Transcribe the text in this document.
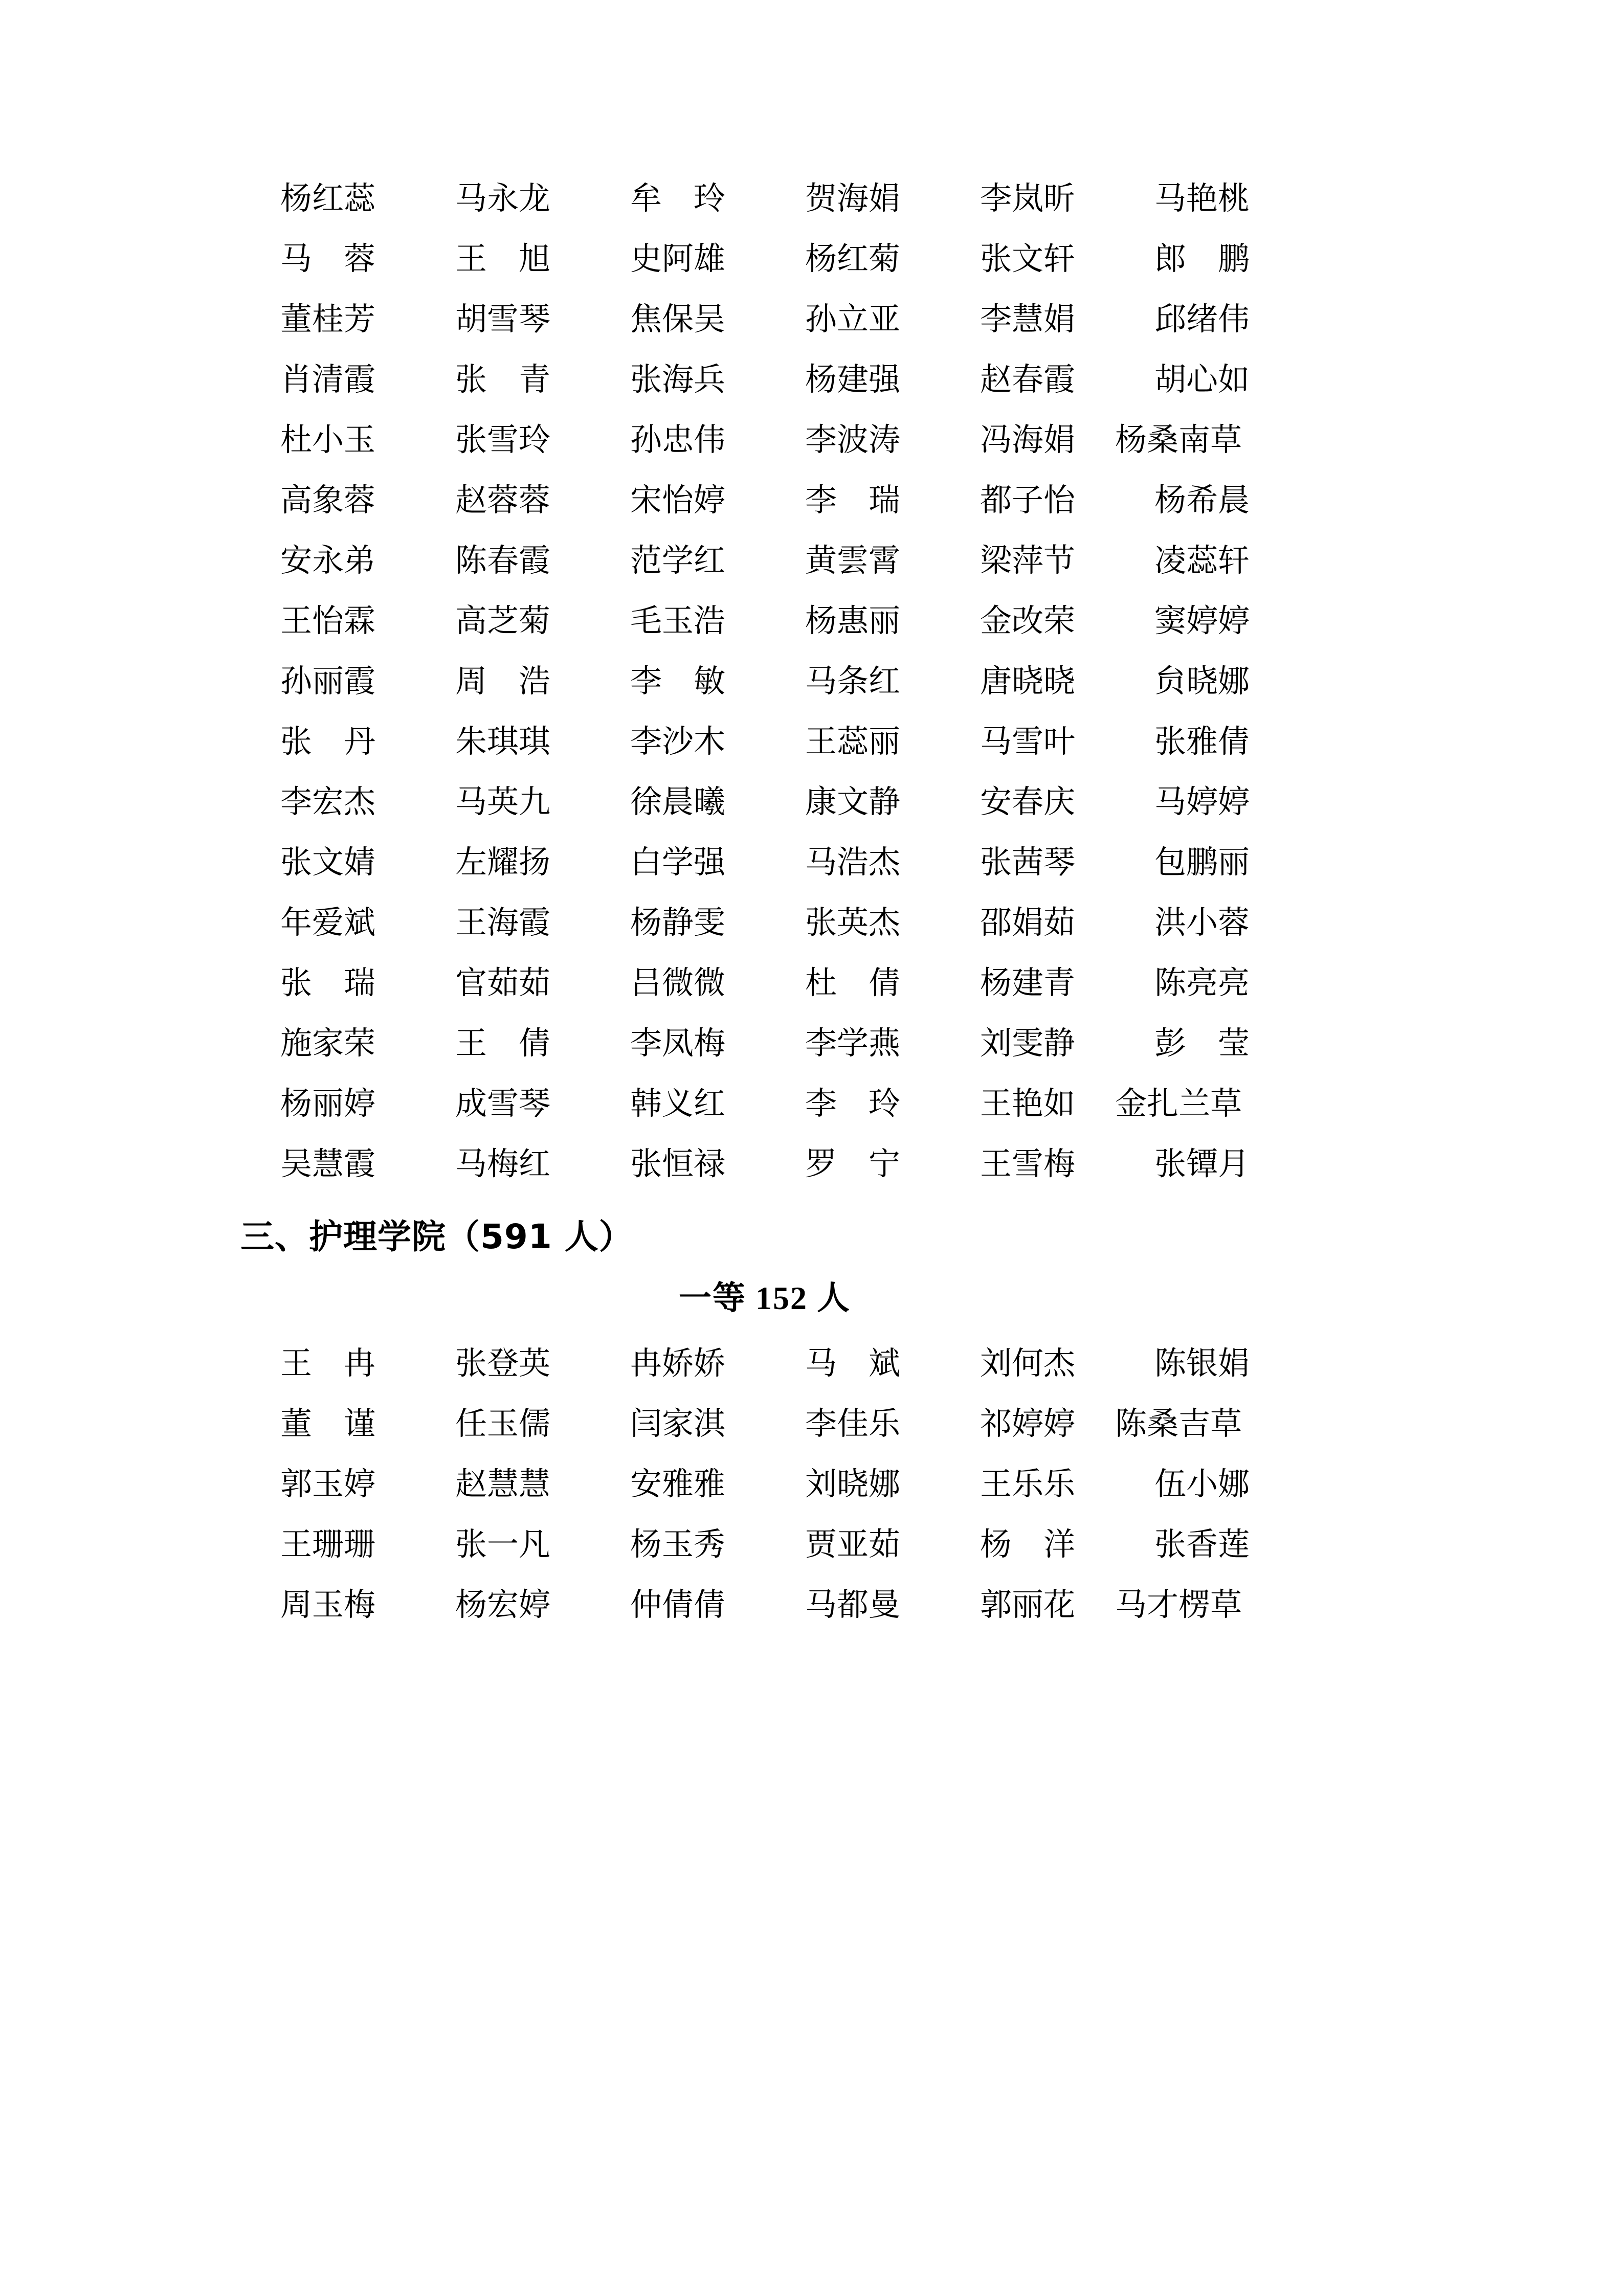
杨红蕊	马永龙	牟　玲	贺海娟	李岚昕	马艳桃
马　蓉	王　旭	史阿雄	杨红菊	张文轩	郎　鹏
董桂芳	胡雪琴	焦保吴	孙立亚	李慧娟	邱绪伟
肖清霞	张　青	张海兵	杨建强	赵春霞	胡心如
杜小玉	张雪玲	孙忠伟	李波涛	冯海娟	杨桑南草
高象蓉	赵蓉蓉	宋怡婷	李　瑞	都子怡	杨希晨
安永弟	陈春霞	范学红	黄雲霄	梁萍节	凌蕊轩
王怡霖	高芝菊	毛玉浩	杨惠丽	金改荣	窦婷婷
孙丽霞	周　浩	李　敏	马条红	唐晓晓	贠晓娜
张　丹	朱琪琪	李沙木	王蕊丽	马雪叶	张雅倩
李宏杰	马英九	徐晨曦	康文静	安春庆	马婷婷
张文婧	左耀扬	白学强	马浩杰	张茜琴	包鹏丽
年爱斌	王海霞	杨静雯	张英杰	邵娟茹	洪小蓉
张　瑞	官茹茹	吕微微	杜　倩	杨建青	陈亮亮
施家荣	王　倩	李凤梅	李学燕	刘雯静	彭　莹
杨丽婷	成雪琴	韩义红	李　玲	王艳如	金扎兰草
吴慧霞	马梅红	张恒禄	罗　宁	王雪梅	张镡月
三、护理学院（591 人）
一等 152 人
王　冉	张登英	冉娇娇	马　斌	刘何杰	陈银娟
董　谨	任玉儒	闫家淇	李佳乐	祁婷婷	陈桑吉草
郭玉婷	赵慧慧	安雅雅	刘晓娜	王乐乐	伍小娜
王珊珊	张一凡	杨玉秀	贾亚茹	杨　洋	张香莲
周玉梅	杨宏婷	仲倩倩	马都曼	郭丽花	马才楞草
